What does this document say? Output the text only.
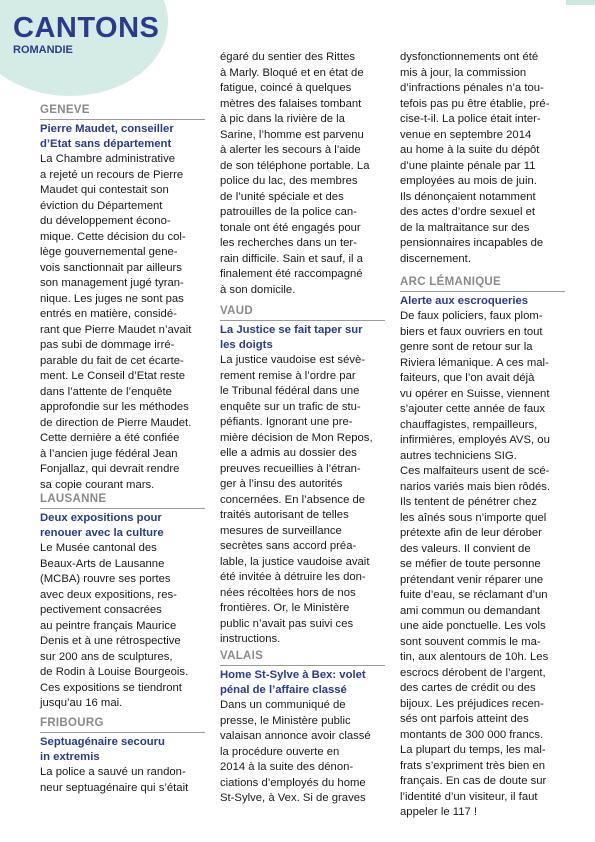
CANTONS
ROMANDIE
GENEVE
Pierre Maudet, conseiller
d’Etat sans département
La Chambre administrative
a rejeté un recours de Pierre
Maudet qui contestait son
éviction du Département
du développement écono-
mique. Cette décision du col-
lège gouvernemental gene-
vois sanctionnait par ailleurs
son management jugé tyran-
nique. Les juges ne sont pas
entrés en matière, considé-
rant que Pierre Maudet n’avait
pas subi de dommage irré-
parable du fait de cet écarte-
ment. Le Conseil d’Etat reste
dans l’attente de l’enquête
approfondie sur les méthodes
de direction de Pierre Maudet.
Cette dernière a été confiée
à l’ancien juge fédéral Jean
Fonjallaz, qui devrait rendre
sa copie courant mars.
LAUSANNE
Deux expositions pour
renouer avec la culture
Le Musée cantonal des
Beaux-Arts de Lausanne
(MCBA) rouvre ses portes
avec deux expositions, res-
pectivement consacrées
au peintre français Maurice
Denis et à une rétrospective
sur 200 ans de sculptures,
de Rodin à Louise Bourgeois.
Ces expositions se tiendront
jusqu’au 16 mai.
FRIBOURG
Septuagénaire secouru
in extremis
La police a sauvé un randon-
neur septuagénaire qui s’était
égaré du sentier des Rittes
à Marly. Bloqué et en état de
fatigue, coincé à quelques
mètres des falaises tombant
à pic dans la rivière de la
Sarine, l’homme est parvenu
à alerter les secours à l’aide
de son téléphone portable. La
police du lac, des membres
de l’unité spéciale et des
patrouilles de la police can-
tonale ont été engagés pour
les recherches dans un ter-
rain difficile. Sain et sauf, il a
finalement été raccompagné
à son domicile.
VAUD
La Justice se fait taper sur
les doigts
La justice vaudoise est sévè-
rement remise à l’ordre par
le Tribunal fédéral dans une
enquête sur un trafic de stu-
péfiants. Ignorant une pre-
mière décision de Mon Repos,
elle a admis au dossier des
preuves recueillies à l’étran-
ger à l’insu des autorités
concernées. En l’absence de
traités autorisant de telles
mesures de surveillance
secrètes sans accord préa-
lable, la justice vaudoise avait
été invitée à détruire les don-
nées récoltées hors de nos
frontières. Or, le Ministère
public n’avait pas suivi ces
instructions.
VALAIS
Home St-Sylve à Bex: volet
pénal de l’affaire classé
Dans un communiqué de
presse, le Ministère public
valaisan annonce avoir classé
la procédure ouverte en
2014 à la suite des dénon-
ciations d’employés du home
St-Sylve, à Vex. Si de graves
dysfonctionnements ont été
mis à jour, la commission
d’infractions pénales n’a tou-
tefois pas pu être établie, pré-
cise-t-il. La police était inter-
venue en septembre 2014
au home à la suite du dépôt
d’une plainte pénale par 11
employées au mois de juin.
Ils dénonçaient notamment
des actes d’ordre sexuel et
de la maltraitance sur des
pensionnaires incapables de
discernement.
ARC LÉMANIQUE
Alerte aux escroqueries
De faux policiers, faux plom-
biers et faux ouvriers en tout
genre sont de retour sur la
Riviera lémanique. A ces mal-
faiteurs, que l’on avait déjà
vu opérer en Suisse, viennent
s’ajouter cette année de faux
chauffagistes, rempailleurs,
infirmières, employés AVS, ou
autres techniciens SIG.
Ces malfaiteurs usent de scé-
narios variés mais bien rôdés.
Ils tentent de pénétrer chez
les aînés sous n’importe quel
prétexte afin de leur dérober
des valeurs. Il convient de
se méfier de toute personne
prétendant venir réparer une
fuite d’eau, se réclamant d’un
ami commun ou demandant
une aide ponctuelle. Les vols
sont souvent commis le ma-
tin, aux alentours de 10h. Les
escrocs dérobent de l’argent,
des cartes de crédit ou des
bijoux. Les préjudices recen-
sés ont parfois atteint des
montants de 300 000 francs.
La plupart du temps, les mal-
frats s’expriment très bien en
français. En cas de doute sur
l’identité d’un visiteur, il faut
appeler le 117 !
